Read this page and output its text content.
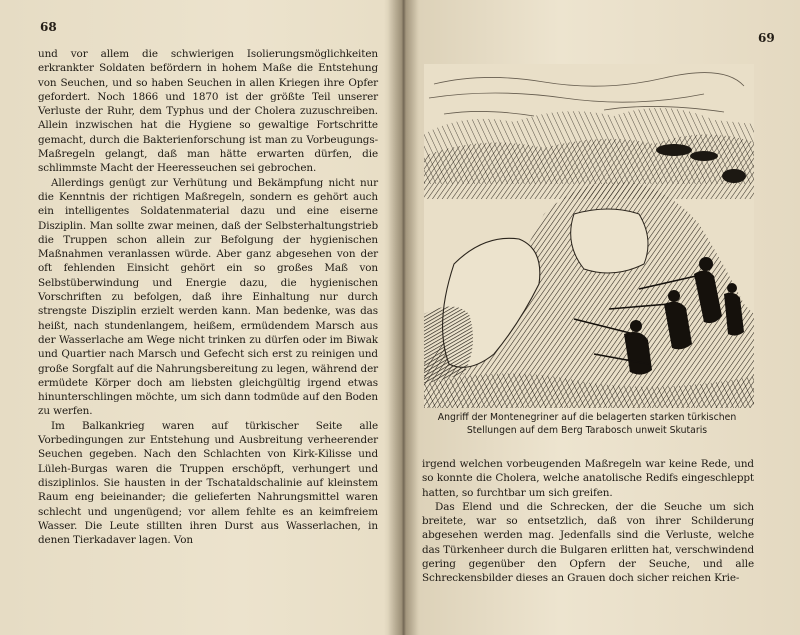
68

und vor allem die schwierigen Isolierungsmöglichkeiten erkrankter Soldaten befördern in hohem Maße die Entstehung von Seuchen, und so haben Seuchen in allen Kriegen ihre Opfer gefordert. Noch 1866 und 1870 ist der größte Teil unserer Verluste der Ruhr, dem Typhus und der Cholera zuzuschreiben. Allein inzwischen hat die Hygiene so gewaltige Fortschritte gemacht, durch die Bakterienforschung ist man zu Vorbeugungs-Maßregeln gelangt, daß man hätte erwarten dürfen, die schlimmste Macht der Heeresseuchen sei gebrochen.

Allerdings genügt zur Verhütung und Bekämpfung nicht nur die Kenntnis der richtigen Maßregeln, sondern es gehört auch ein intelligentes Soldatenmaterial dazu und eine eiserne Disziplin. Man sollte zwar meinen, daß der Selbsterhaltungstrieb die Truppen schon allein zur Befolgung der hygienischen Maßnahmen veranlassen würde. Aber ganz abgesehen von der oft fehlenden Einsicht gehört ein so großes Maß von Selbstüberwindung und Energie dazu, die hygienischen Vorschriften zu befolgen, daß ihre Einhaltung nur durch strengste Disziplin erzielt werden kann. Man bedenke, was das heißt, nach stundenlangem, heißem, ermüdendem Marsch aus der Wasserlache am Wege nicht trinken zu dürfen oder im Biwak und Quartier nach Marsch und Gefecht sich erst zu reinigen und große Sorgfalt auf die Nahrungsbereitung zu legen, während der ermüdete Körper doch am liebsten gleichgültig irgend etwas hinunterschlingen möchte, um sich dann todmüde auf den Boden zu werfen.

Im Balkankrieg waren auf türkischer Seite alle Vorbedingungen zur Entstehung und Ausbreitung verheerender Seuchen gegeben. Nach den Schlachten von Kirk-Kilisse und Lüleh-Burgas waren die Truppen erschöpft, verhungert und disziplinlos. Sie hausten in der Tschataldschalinie auf kleinstem Raum eng beieinander; die gelieferten Nahrungsmittel waren schlecht und ungenügend; vor allem fehlte es an keimfreiem Wasser. Die Leute stillten ihren Durst aus Wasserlachen, in denen Tierkadaver lagen. Von

69
Angriff der Montenegriner auf die belagerten starken türkischen
Stellungen auf dem Berg Tarabosch unweit Skutaris

irgend welchen vorbeugenden Maßregeln war keine Rede, und so konnte die Cholera, welche anatolische Redifs eingeschleppt hatten, so furchtbar um sich greifen.

Das Elend und die Schrecken, der die Seuche um sich breitete, war so entsetzlich, daß von ihrer Schilderung abgesehen werden mag. Jedenfalls sind die Verluste, welche das Türkenheer durch die Bulgaren erlitten hat, verschwindend gering gegenüber den Opfern der Seuche, und alle Schreckensbilder dieses an Grauen doch sicher reichen Krie-
